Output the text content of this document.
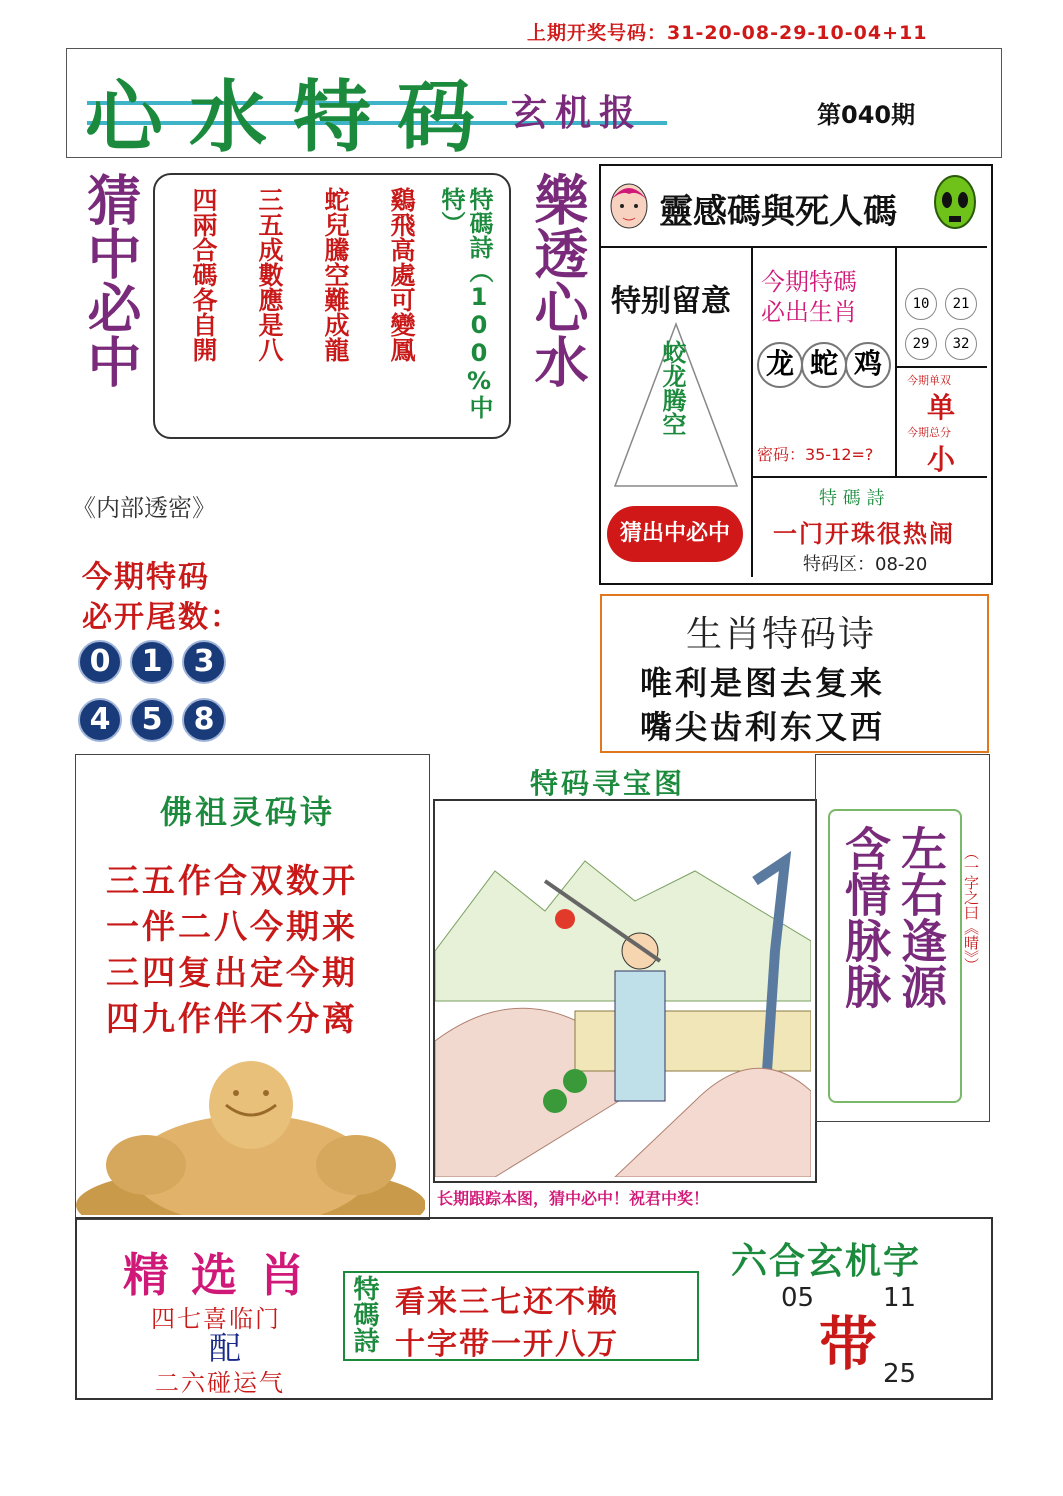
上期开奖号码：31-20-08-29-10-04+11
心水特码 玄机报	第040期
猜中必中 四兩合碼各自開 三五成數應是八 蛇兒騰空難成龍 鷄飛高處可變鳳	特碼詩（100%中特）	樂透心水 靈感碼與死人碼
特别留意
蛟龙腾空
猜出中必中
今期特碼
必出生肖
龙 蛇 鸡
密码：35-12=?
10	21
29	32
今期单双
单
今期总分
小
特 碼 詩
一门开珠很热闹
特码区：08-20
《内部透密》
今期特码
必开尾数：
0	1	3
4	5	8
生肖特码诗
唯利是图去复来
嘴尖齿利东又西
佛祖灵码诗
三五作合双数开
一伴二八今期来
三四复出定今期
四九作伴不分离
特码寻宝图
长期跟踪本图，猜中必中！祝君中奖！
左右逢源
含情脉脉	（一字之曰《晴》）
精选肖
四七喜临门
配
二六碰运气
特碼詩 看来三七还不赖
十字带一开八万
六合玄机字
05	11
25
带
